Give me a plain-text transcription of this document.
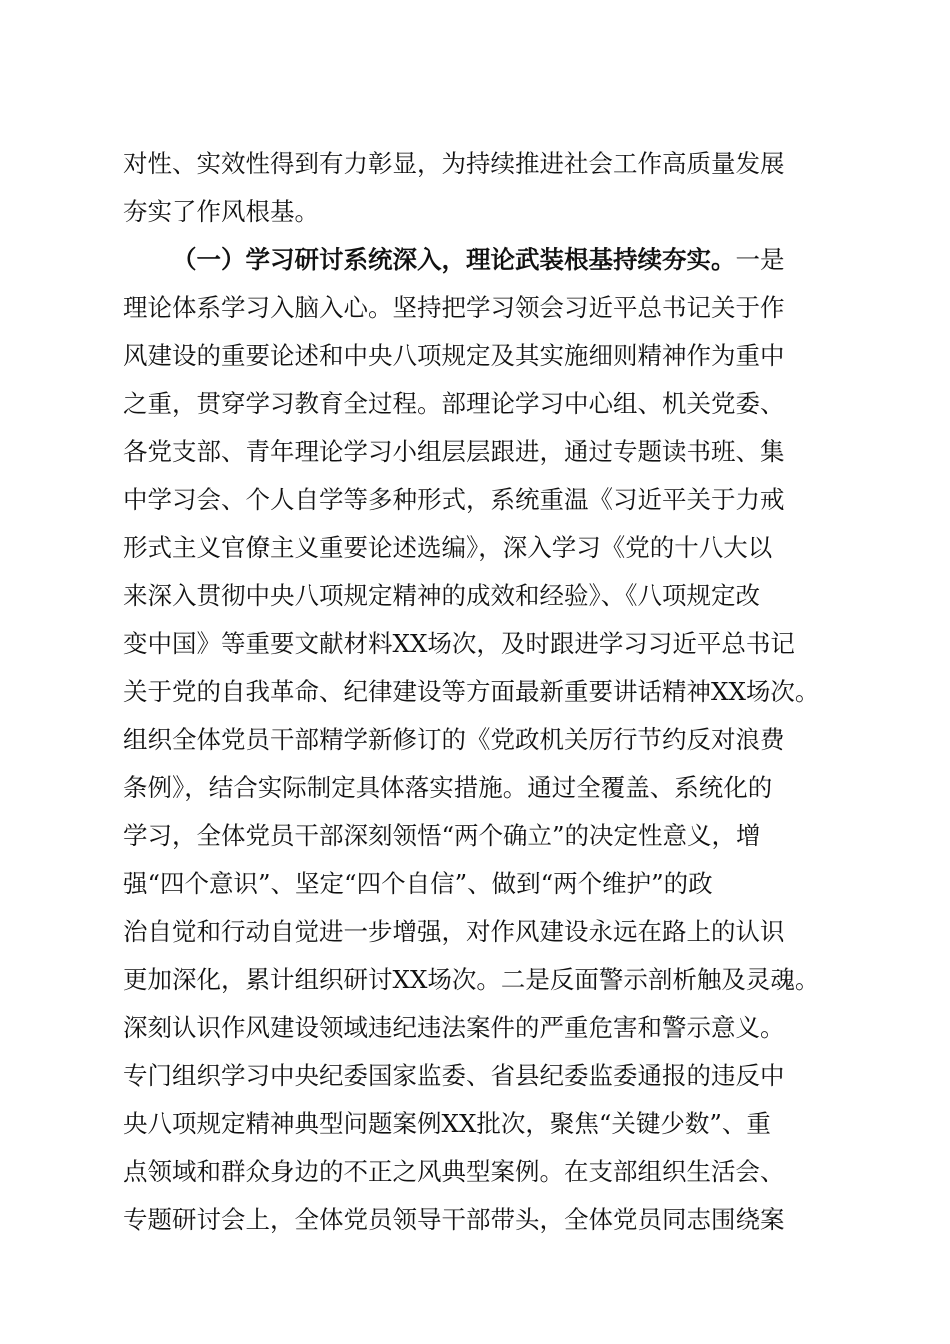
对性、实效性得到有力彰显，为持续推进社会工作高质量发展
夯实了作风根基。
（一）学习研讨系统深入，理论武装根基持续夯实。一是
理论体系学习入脑入心。坚持把学习领会习近平总书记关于作
风建设的重要论述和中央八项规定及其实施细则精神作为重中
之重，贯穿学习教育全过程。部理论学习中心组、机关党委、
各党支部、青年理论学习小组层层跟进，通过专题读书班、集
中学习会、个人自学等多种形式，系统重温《习近平关于力戒
形式主义官僚主义重要论述选编》，深入学习《党的十八大以
来深入贯彻中央八项规定精神的成效和经验》、《八项规定改
变中国》等重要文献材料XX场次，及时跟进学习习近平总书记
关于党的自我革命、纪律建设等方面最新重要讲话精神XX场次。
组织全体党员干部精学新修订的《党政机关厉行节约反对浪费
条例》，结合实际制定具体落实措施。通过全覆盖、系统化的
学习，全体党员干部深刻领悟“两个确立”的决定性意义，增
强“四个意识”、坚定“四个自信”、做到“两个维护”的政
治自觉和行动自觉进一步增强，对作风建设永远在路上的认识
更加深化，累计组织研讨XX场次。二是反面警示剖析触及灵魂。
深刻认识作风建设领域违纪违法案件的严重危害和警示意义。
专门组织学习中央纪委国家监委、省县纪委监委通报的违反中
央八项规定精神典型问题案例XX批次，聚焦“关键少数”、重
点领域和群众身边的不正之风典型案例。在支部组织生活会、
专题研讨会上，全体党员领导干部带头，全体党员同志围绕案
